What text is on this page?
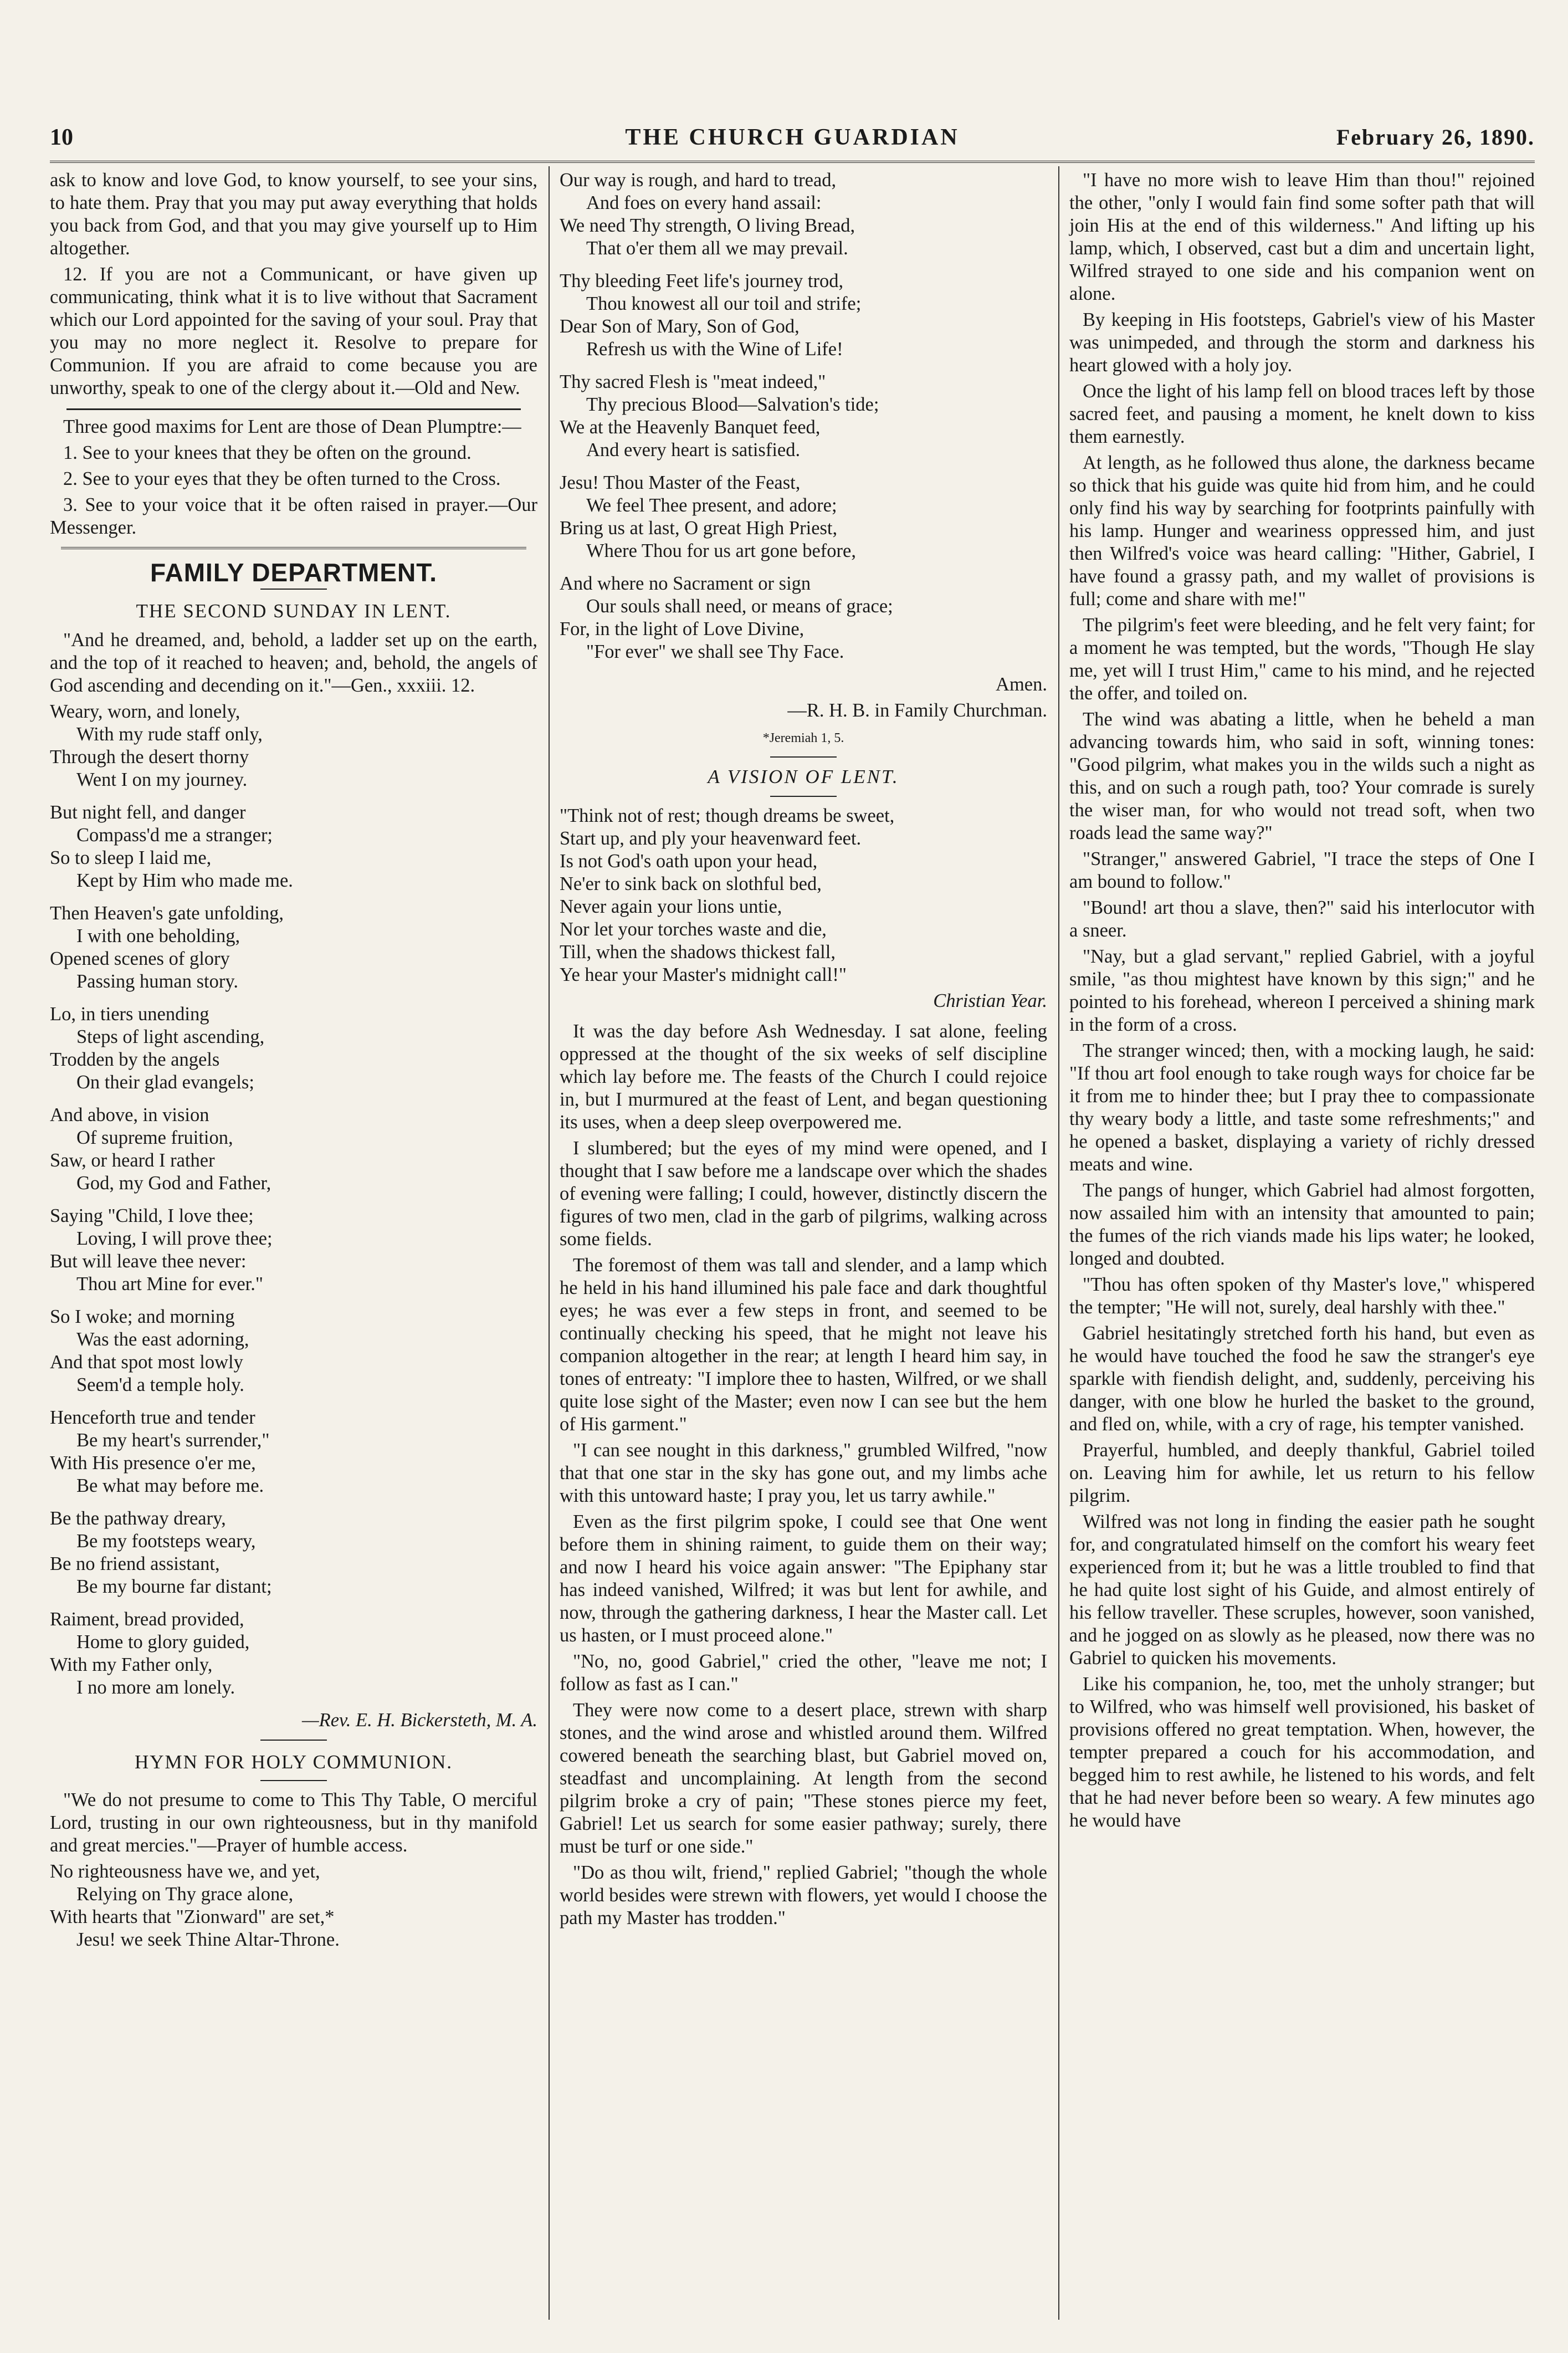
10	THE CHURCH GUARDIAN	February 26, 1890.

ask to know and love God, to know yourself, to see your sins, to hate them. Pray that you may put away everything that holds you back from God, and that you may give yourself up to Him altogether.

12. If you are not a Communicant, or have given up communicating, think what it is to live without that Sacrament which our Lord appointed for the saving of your soul. Pray that you may no more neglect it. Resolve to prepare for Communion. If you are afraid to come because you are unworthy, speak to one of the clergy about it.—Old and New.

Three good maxims for Lent are those of Dean Plumptre:—

1. See to your knees that they be often on the ground.

2. See to your eyes that they be often turned to the Cross.

3. See to your voice that it be often raised in prayer.—Our Messenger.

FAMILY DEPARTMENT.
THE SECOND SUNDAY IN LENT.

"And he dreamed, and, behold, a ladder set up on the earth, and the top of it reached to heaven; and, behold, the angels of God ascending and decending on it."—Gen., xxxiii. 12.

Weary, worn, and lonely,
With my rude staff only,
Through the desert thorny
Went I on my journey.
But night fell, and danger
Compass'd me a stranger;
So to sleep I laid me,
Kept by Him who made me.
Then Heaven's gate unfolding,
I with one beholding,
Opened scenes of glory
Passing human story.
Lo, in tiers unending
Steps of light ascending,
Trodden by the angels
On their glad evangels;
And above, in vision
Of supreme fruition,
Saw, or heard I rather
God, my God and Father,
Saying "Child, I love thee;
Loving, I will prove thee;
But will leave thee never:
Thou art Mine for ever."
So I woke; and morning
Was the east adorning,
And that spot most lowly
Seem'd a temple holy.
Henceforth true and tender
Be my heart's surrender,"
With His presence o'er me,
Be what may before me.
Be the pathway dreary,
Be my footsteps weary,
Be no friend assistant,
Be my bourne far distant;
Raiment, bread provided,
Home to glory guided,
With my Father only,
I no more am lonely.
—Rev. E. H. Bickersteth, M. A.
HYMN FOR HOLY COMMUNION.

"We do not presume to come to This Thy Table, O merciful Lord, trusting in our own righteousness, but in thy manifold and great mercies."—Prayer of humble access.

No righteousness have we, and yet,
Relying on Thy grace alone,
With hearts that "Zionward" are set,*
Jesu! we seek Thine Altar-Throne.
Our way is rough, and hard to tread,
And foes on every hand assail:
We need Thy strength, O living Bread,
That o'er them all we may prevail.
Thy bleeding Feet life's journey trod,
Thou knowest all our toil and strife;
Dear Son of Mary, Son of God,
Refresh us with the Wine of Life!
Thy sacred Flesh is "meat indeed,"
Thy precious Blood—Salvation's tide;
We at the Heavenly Banquet feed,
And every heart is satisfied.
Jesu! Thou Master of the Feast,
We feel Thee present, and adore;
Bring us at last, O great High Priest,
Where Thou for us art gone before,
And where no Sacrament or sign
Our souls shall need, or means of grace;
For, in the light of Love Divine,
"For ever" we shall see Thy Face.
Amen.
—R. H. B. in Family Churchman.
*Jeremiah 1, 5.
A VISION OF LENT.
"Think not of rest; though dreams be sweet,
Start up, and ply your heavenward feet.
Is not God's oath upon your head,
Ne'er to sink back on slothful bed,
Never again your lions untie,
Nor let your torches waste and die,
Till, when the shadows thickest fall,
Ye hear your Master's midnight call!"
Christian Year.

It was the day before Ash Wednesday. I sat alone, feeling oppressed at the thought of the six weeks of self discipline which lay before me. The feasts of the Church I could rejoice in, but I murmured at the feast of Lent, and began questioning its uses, when a deep sleep overpowered me.

I slumbered; but the eyes of my mind were opened, and I thought that I saw before me a landscape over which the shades of evening were falling; I could, however, distinctly discern the figures of two men, clad in the garb of pilgrims, walking across some fields.

The foremost of them was tall and slender, and a lamp which he held in his hand illumined his pale face and dark thoughtful eyes; he was ever a few steps in front, and seemed to be continually checking his speed, that he might not leave his companion altogether in the rear; at length I heard him say, in tones of entreaty: "I implore thee to hasten, Wilfred, or we shall quite lose sight of the Master; even now I can see but the hem of His garment."

"I can see nought in this darkness," grumbled Wilfred, "now that that one star in the sky has gone out, and my limbs ache with this untoward haste; I pray you, let us tarry awhile."

Even as the first pilgrim spoke, I could see that One went before them in shining raiment, to guide them on their way; and now I heard his voice again answer: "The Epiphany star has indeed vanished, Wilfred; it was but lent for awhile, and now, through the gathering darkness, I hear the Master call. Let us hasten, or I must proceed alone."

"No, no, good Gabriel," cried the other, "leave me not; I follow as fast as I can."

They were now come to a desert place, strewn with sharp stones, and the wind arose and whistled around them. Wilfred cowered beneath the searching blast, but Gabriel moved on, steadfast and uncomplaining. At length from the second pilgrim broke a cry of pain; "These stones pierce my feet, Gabriel! Let us search for some easier pathway; surely, there must be turf or one side."

"Do as thou wilt, friend," replied Gabriel; "though the whole world besides were strewn with flowers, yet would I choose the path my Master has trodden."

"I have no more wish to leave Him than thou!" rejoined the other, "only I would fain find some softer path that will join His at the end of this wilderness." And lifting up his lamp, which, I observed, cast but a dim and uncertain light, Wilfred strayed to one side and his companion went on alone.

By keeping in His footsteps, Gabriel's view of his Master was unimpeded, and through the storm and darkness his heart glowed with a holy joy.

Once the light of his lamp fell on blood traces left by those sacred feet, and pausing a moment, he knelt down to kiss them earnestly.

At length, as he followed thus alone, the darkness became so thick that his guide was quite hid from him, and he could only find his way by searching for footprints painfully with his lamp. Hunger and weariness oppressed him, and just then Wilfred's voice was heard calling: "Hither, Gabriel, I have found a grassy path, and my wallet of provisions is full; come and share with me!"

The pilgrim's feet were bleeding, and he felt very faint; for a moment he was tempted, but the words, "Though He slay me, yet will I trust Him," came to his mind, and he rejected the offer, and toiled on.

The wind was abating a little, when he beheld a man advancing towards him, who said in soft, winning tones: "Good pilgrim, what makes you in the wilds such a night as this, and on such a rough path, too? Your comrade is surely the wiser man, for who would not tread soft, when two roads lead the same way?"

"Stranger," answered Gabriel, "I trace the steps of One I am bound to follow."

"Bound! art thou a slave, then?" said his interlocutor with a sneer.

"Nay, but a glad servant," replied Gabriel, with a joyful smile, "as thou mightest have known by this sign;" and he pointed to his forehead, whereon I perceived a shining mark in the form of a cross.

The stranger winced; then, with a mocking laugh, he said: "If thou art fool enough to take rough ways for choice far be it from me to hinder thee; but I pray thee to compassionate thy weary body a little, and taste some refreshments;" and he opened a basket, displaying a variety of richly dressed meats and wine.

The pangs of hunger, which Gabriel had almost forgotten, now assailed him with an intensity that amounted to pain; the fumes of the rich viands made his lips water; he looked, longed and doubted.

"Thou has often spoken of thy Master's love," whispered the tempter; "He will not, surely, deal harshly with thee."

Gabriel hesitatingly stretched forth his hand, but even as he would have touched the food he saw the stranger's eye sparkle with fiendish delight, and, suddenly, perceiving his danger, with one blow he hurled the basket to the ground, and fled on, while, with a cry of rage, his tempter vanished.

Prayerful, humbled, and deeply thankful, Gabriel toiled on. Leaving him for awhile, let us return to his fellow pilgrim.

Wilfred was not long in finding the easier path he sought for, and congratulated himself on the comfort his weary feet experienced from it; but he was a little troubled to find that he had quite lost sight of his Guide, and almost entirely of his fellow traveller. These scruples, however, soon vanished, and he jogged on as slowly as he pleased, now there was no Gabriel to quicken his movements.

Like his companion, he, too, met the unholy stranger; but to Wilfred, who was himself well provisioned, his basket of provisions offered no great temptation. When, however, the tempter prepared a couch for his accommodation, and begged him to rest awhile, he listened to his words, and felt that he had never before been so weary. A few minutes ago he would have
